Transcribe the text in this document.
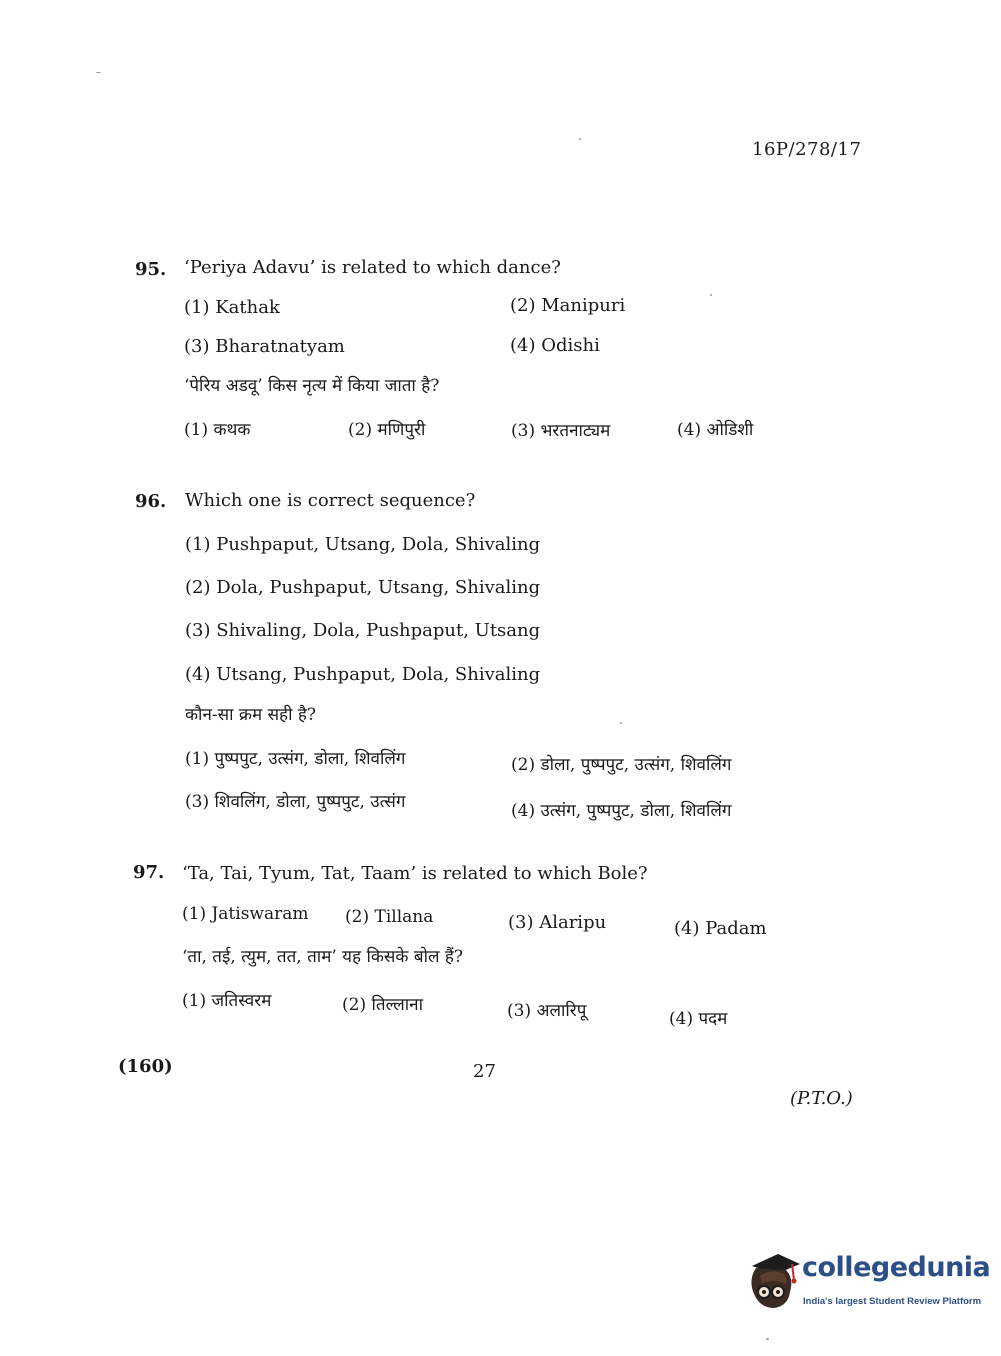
16P/278/17
95. ‘Periya Adavu’ is related to which dance?
(1) Kathak	(2) Manipuri
(3) Bharatnatyam	(4) Odishi
‘पेरिय अडवू’ किस नृत्य में किया जाता है?
(1) कथक	(2) मणिपुरी	(3) भरतनाट्यम	(4) ओडिशी
96. Which one is correct sequence?
(1) Pushpaput, Utsang, Dola, Shivaling
(2) Dola, Pushpaput, Utsang, Shivaling
(3) Shivaling, Dola, Pushpaput, Utsang
(4) Utsang, Pushpaput, Dola, Shivaling
कौन-सा क्रम सही है?
(1) पुष्पपुट, उत्संग, डोला, शिवलिंग	(2) डोला, पुष्पपुट, उत्संग, शिवलिंग
(3) शिवलिंग, डोला, पुष्पपुट, उत्संग	(4) उत्संग, पुष्पपुट, डोला, शिवलिंग
97. ‘Ta, Tai, Tyum, Tat, Taam’ is related to which Bole?
(1) Jatiswaram (2) Tillana	(3) Alaripu	(4) Padam
‘ता, तई, त्युम, तत, ताम’ यह किसके बोल हैं?
(1) जतिस्वरम	(2) तिल्लाना	(3) अलारिपू	(4) पदम
(160)	27
(P.T.O.)
collegedunia
India's largest Student Review Platform
